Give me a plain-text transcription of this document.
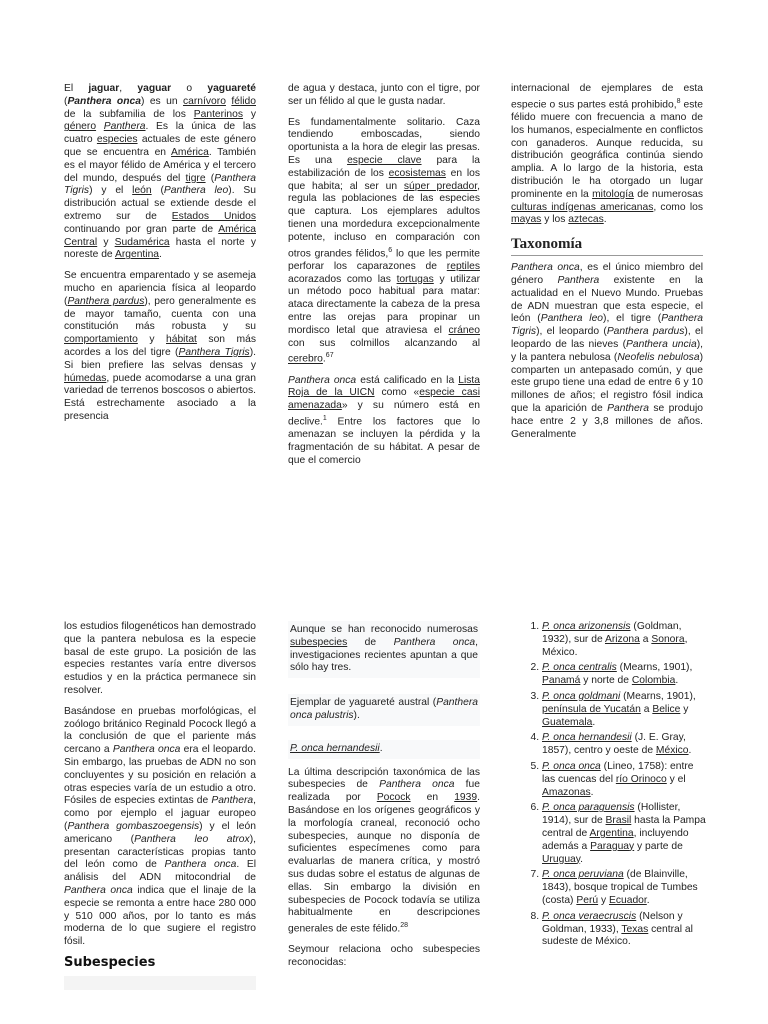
El jaguar, yaguar o yaguareté (Panthera onca) es un carnívoro félido de la subfamilia de los Panterinos y género Panthera. Es la única de las cuatro especies actuales de este género que se encuentra en América. También es el mayor félido de América y el tercero del mundo, después del tigre (Panthera Tigris) y el león (Panthera leo). Su distribución actual se extiende desde el extremo sur de Estados Unidos continuando por gran parte de América Central y Sudamérica hasta el norte y noreste de Argentina.

Se encuentra emparentado y se asemeja mucho en apariencia física al leopardo (Panthera pardus), pero generalmente es de mayor tamaño, cuenta con una constitución más robusta y su comportamiento y hábitat son más acordes a los del tigre (Panthera Tigris). Si bien prefiere las selvas densas y húmedas, puede acomodarse a una gran variedad de terrenos boscosos o abiertos. Está estrechamente asociado a la presencia

de agua y destaca, junto con el tigre, por ser un félido al que le gusta nadar.

Es fundamentalmente solitario. Caza tendiendo emboscadas, siendo oportunista a la hora de elegir las presas. Es una especie clave para la estabilización de los ecosistemas en los que habita; al ser un súper predador, regula las poblaciones de las especies que captura. Los ejemplares adultos tienen una mordedura excepcionalmente potente, incluso en comparación con otros grandes félidos,$^6$ lo que les permite perforar los caparazones de reptiles acorazados como las tortugas y utilizar un método poco habitual para matar: ataca directamente la cabeza de la presa entre las orejas para propinar un mordisco letal que atraviesa el cráneo con sus colmillos alcanzando al cerebro.$^{67}$

Panthera onca está calificado en la Lista Roja de la UICN como «especie casi amenazada» y su número está en declive.$^1$ Entre los factores que lo amenazan se incluyen la pérdida y la fragmentación de su hábitat. A pesar de que el comercio

internacional de ejemplares de esta especie o sus partes está prohibido,$^8$ este félido muere con frecuencia a mano de los humanos, especialmente en conflictos con ganaderos. Aunque reducida, su distribución geográfica continúa siendo amplia. A lo largo de la historia, esta distribución le ha otorgado un lugar prominente en la mitología de numerosas culturas indígenas americanas, como los mayas y los aztecas.

Taxonomía

Panthera onca, es el único miembro del género Panthera existente en la actualidad en el Nuevo Mundo. Pruebas de ADN muestran que esta especie, el león (Panthera leo), el tigre (Panthera Tigris), el leopardo (Panthera pardus), el leopardo de las nieves (Panthera uncia), y la pantera nebulosa (Neofelis nebulosa) comparten un antepasado común, y que este grupo tiene una edad de entre 6 y 10 millones de años; el registro fósil indica que la aparición de Panthera se produjo hace entre 2 y 3,8 millones de años. Generalmente

los estudios filogenéticos han demostrado que la pantera nebulosa es la especie basal de este grupo. La posición de las especies restantes varía entre diversos estudios y en la práctica permanece sin resolver.

Basándose en pruebas morfológicas, el zoólogo británico Reginald Pocock llegó a la conclusión de que el pariente más cercano a Panthera onca era el leopardo. Sin embargo, las pruebas de ADN no son concluyentes y su posición en relación a otras especies varía de un estudio a otro. Fósiles de especies extintas de Panthera, como por ejemplo el jaguar europeo (Panthera gombaszoegensis) y el león americano (Panthera leo atrox), presentan características propias tanto del león como de Panthera onca. El análisis del ADN mitocondrial de Panthera onca indica que el linaje de la especie se remonta a entre hace 280 000 y 510 000 años, por lo tanto es más moderna de lo que sugiere el registro fósil.

Subespecies

Aunque se han reconocido numerosas subespecies de Panthera onca, investigaciones recientes apuntan a que sólo hay tres.

Ejemplar de yaguareté austral (Panthera onca palustris).

P. onca hernandesii.

La última descripción taxonómica de las subespecies de Panthera onca fue realizada por Pocock en 1939. Basándose en los orígenes geográficos y la morfología craneal, reconoció ocho subespecies, aunque no disponía de suficientes especímenes como para evaluarlas de manera crítica, y mostró sus dudas sobre el estatus de algunas de ellas. Sin embargo la división en subespecies de Pocock todavía se utiliza habitualmente en descripciones generales de este félido.$^{28}$

Seymour relaciona ocho subespecies reconocidas:

1. P. onca arizonensis (Goldman, 1932), sur de Arizona a Sonora, México.
2. P. onca centralis (Mearns, 1901), Panamá y norte de Colombia.
3. P. onca goldmani (Mearns, 1901), península de Yucatán a Belice y Guatemala.
4. P. onca hernandesii (J. E. Gray, 1857), centro y oeste de México.
5. P. onca onca (Lineo, 1758): entre las cuencas del río Orinoco y el Amazonas.
6. P. onca paraguensis (Hollister, 1914), sur de Brasil hasta la Pampa central de Argentina, incluyendo además a Paraguay y parte de Uruguay.
7. P. onca peruviana (de Blainville, 1843), bosque tropical de Tumbes (costa) Perú y Ecuador.
8. P. onca veraecruscis (Nelson y Goldman, 1933), Texas central al sudeste de México.
